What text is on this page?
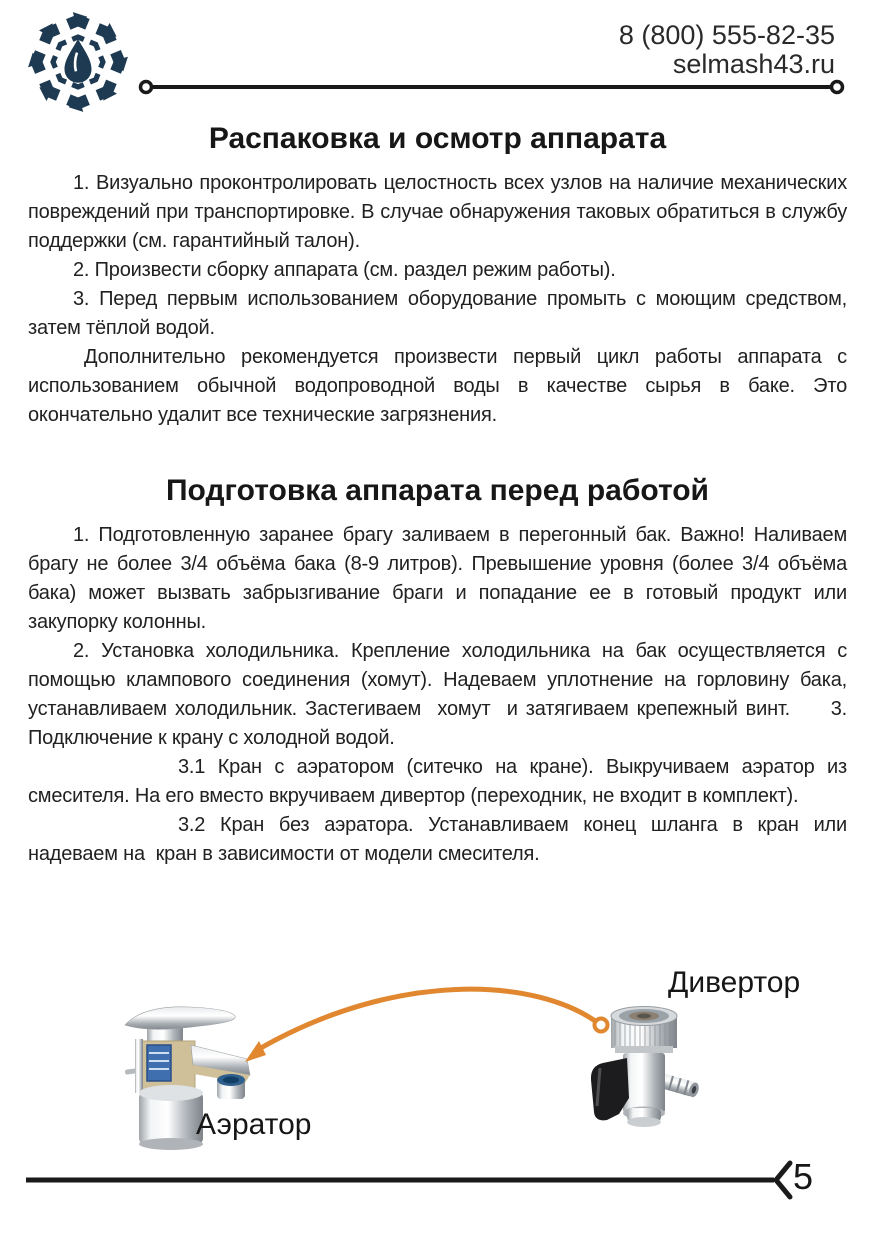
8 (800) 555-82-35
selmash43.ru
Распаковка и осмотр аппарата

1. Визуально проконтролировать целостность всех узлов на наличие механических повреждений при транспортировке. В случае обнаружения таковых обратиться в службу поддержки (см. гарантийный талон).

2. Произвести сборку аппарата (см. раздел режим работы).

3. Перед первым использованием оборудование промыть с моющим средством, затем тёплой водой.

Дополнительно рекомендуется произвести первый цикл работы аппарата с использованием обычной водопроводной воды в качестве сырья в баке. Это окончательно удалит все технические загрязнения.

Подготовка аппарата перед работой

1. Подготовленную заранее брагу заливаем в перегонный бак. Важно! Наливаем брагу не более 3/4 объёма бака (8-9 литров). Превышение уровня (более 3/4 объёма бака) может вызвать забрызгивание браги и попадание ее в готовый продукт или закупорку колонны.

2. Установка холодильника. Крепление холодильника на бак осуществляется с помощью клампового соединения (хомут). Надеваем уплотнение на горловину бака, устанавливаем холодильник. Застегиваем  хомут  и затягиваем крепежный винт.     3. Подключение к крану с холодной водой.

3.1 Кран с аэратором (ситечко на кране). Выкручиваем аэратор из смесителя. На его вместо вкручиваем дивертор (переходник, не входит в комплект).

3.2 Кран без аэратора. Устанавливаем конец шланга в кран или надеваем на  кран в зависимости от модели смесителя.

Аэратор
Дивертор
5
